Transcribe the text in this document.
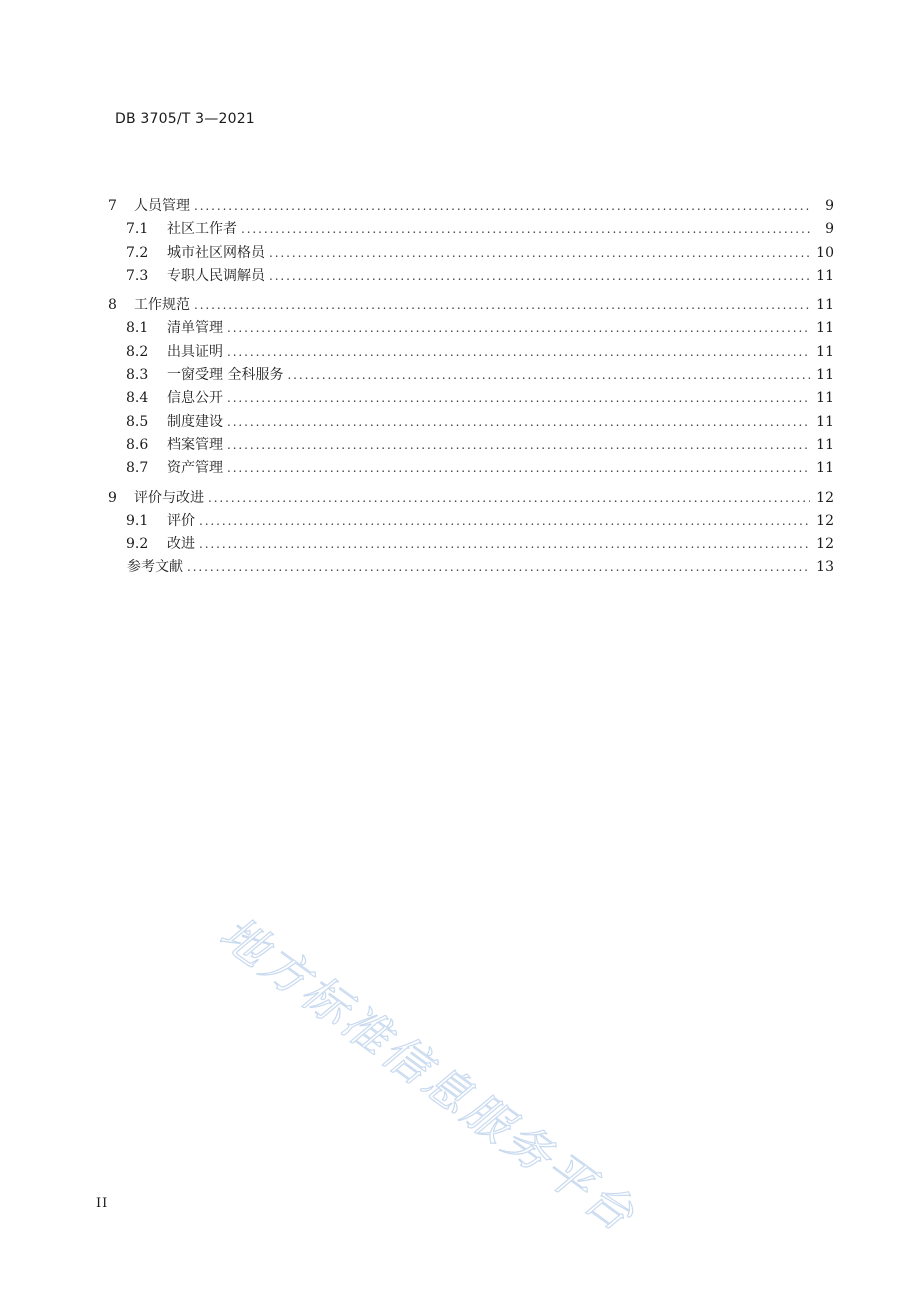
DB 3705/T 3—2021
7	人员管理 .....	9
7.1	社区工作者 .....	9
7.2	城市社区网格员 .....	10
7.3	专职人民调解员 .....	11
8	工作规范 .....	11
8.1	清单管理 .....	11
8.2	出具证明 .....	11
8.3	一窗受理 全科服务 .....	11
8.4	信息公开 .....	11
8.5	制度建设 .....	11
8.6	档案管理 .....	11
8.7	资产管理 .....	11
9	评价与改进 .....	12
9.1	评价 .....	12
9.2	改进 .....	12
参考文献 .....	13
II 地方标准信息服务平台
